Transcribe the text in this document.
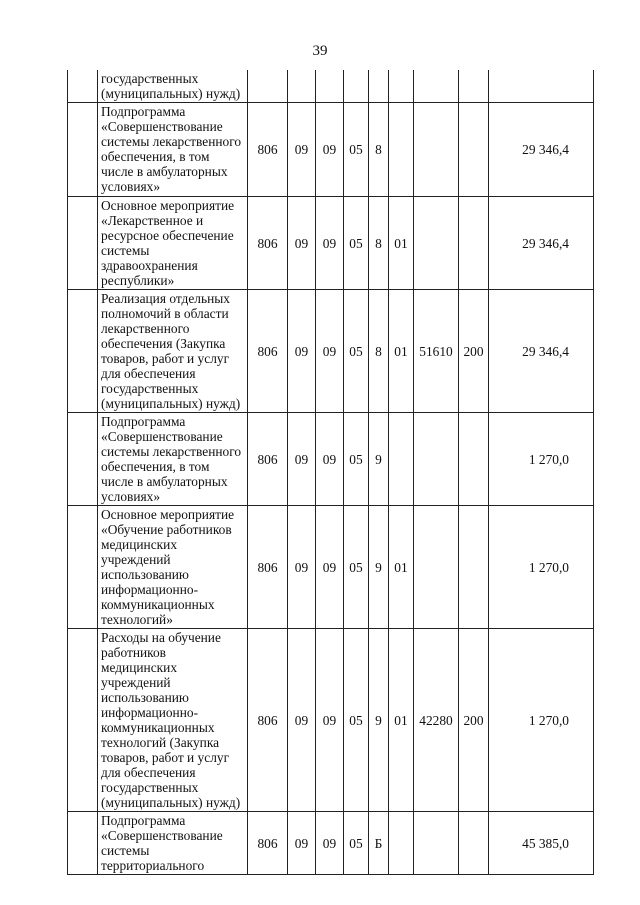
39
	государственных (муниципальных) нужд)									
	Подпрограмма «Совершенствование системы лекарственного обеспечения, в том числе в амбулаторных условиях»	806	09	09	05	8				29 346,4
	Основное мероприятие «Лекарственное и ресурсное обеспечение системы здравоохранения республики»	806	09	09	05	8	01			29 346,4
	Реализация отдельных полномочий в области лекарственного обеспечения (Закупка товаров, работ и услуг для обеспечения государственных (муниципальных) нужд)	806	09	09	05	8	01	51610	200	29 346,4
	Подпрограмма «Совершенствование системы лекарственного обеспечения, в том числе в амбулаторных условиях»	806	09	09	05	9				1 270,0
	Основное мероприятие «Обучение работников медицинских учреждений использованию информационно-коммуникационных технологий»	806	09	09	05	9	01			1 270,0
	Расходы на обучение работников медицинских учреждений использованию информационно-коммуникационных технологий (Закупка товаров, работ и услуг для обеспечения государственных (муниципальных) нужд)	806	09	09	05	9	01	42280	200	1 270,0
	Подпрограмма «Совершенствование системы территориального	806	09	09	05	Б				45 385,0
